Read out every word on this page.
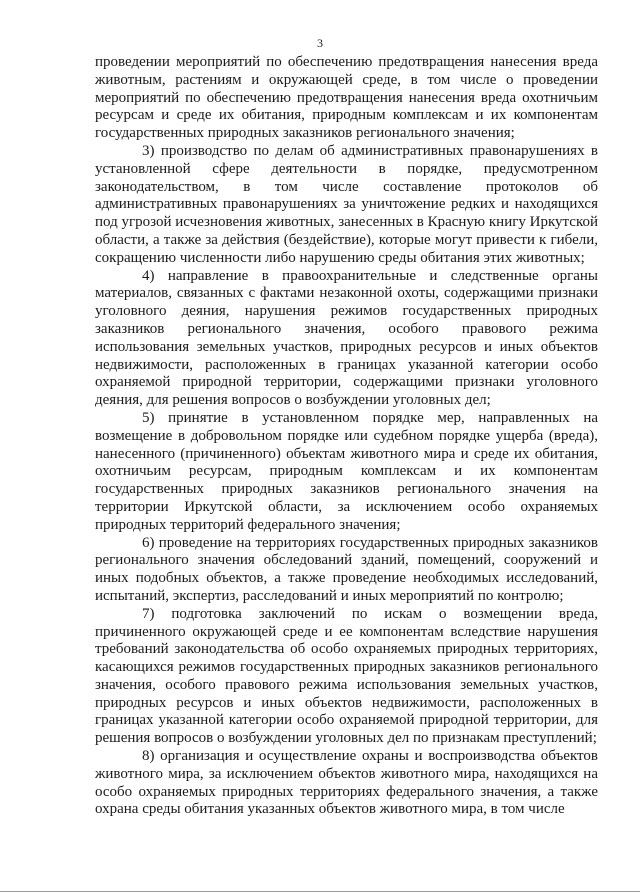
3

проведении мероприятий по обеспечению предотвращения нанесения вреда животным, растениям и окружающей среде, в том числе о проведении мероприятий по обеспечению предотвращения нанесения вреда охотничьим ресурсам и среде их обитания, природным комплексам и их компонентам государственных природных заказников регионального значения;

3) производство по делам об административных правонарушениях в установленной сфере деятельности в порядке, предусмотренном законодательством, в том числе составление протоколов об административных правонарушениях за уничтожение редких и находящихся под угрозой исчезновения животных, занесенных в Красную книгу Иркутской области, а также за действия (бездействие), которые могут привести к гибели, сокращению численности либо нарушению среды обитания этих животных;

4) направление в правоохранительные и следственные органы материалов, связанных с фактами незаконной охоты, содержащими признаки уголовного деяния, нарушения режимов государственных природных заказников регионального значения, особого правового режима использования земельных участков, природных ресурсов и иных объектов недвижимости, расположенных в границах указанной категории особо охраняемой природной территории, содержащими признаки уголовного деяния, для решения вопросов о возбуждении уголовных дел;

5) принятие в установленном порядке мер, направленных на возмещение в добровольном порядке или судебном порядке ущерба (вреда), нанесенного (причиненного) объектам животного мира и среде их обитания, охотничьим ресурсам, природным комплексам и их компонентам государственных природных заказников регионального значения на территории Иркутской области, за исключением особо охраняемых природных территорий федерального значения;

6) проведение на территориях государственных природных заказников регионального значения обследований зданий, помещений, сооружений и иных подобных объектов, а также проведение необходимых исследований, испытаний, экспертиз, расследований и иных мероприятий по контролю;

7) подготовка заключений по искам о возмещении вреда, причиненного окружающей среде и ее компонентам вследствие нарушения требований законодательства об особо охраняемых природных территориях, касающихся режимов государственных природных заказников регионального значения, особого правового режима использования земельных участков, природных ресурсов и иных объектов недвижимости, расположенных в границах указанной категории особо охраняемой природной территории, для решения вопросов о возбуждении уголовных дел по признакам преступлений;

8) организация и осуществление охраны и воспроизводства объектов животного мира, за исключением объектов животного мира, находящихся на особо охраняемых природных территориях федерального значения, а также охрана среды обитания указанных объектов животного мира, в том числе
